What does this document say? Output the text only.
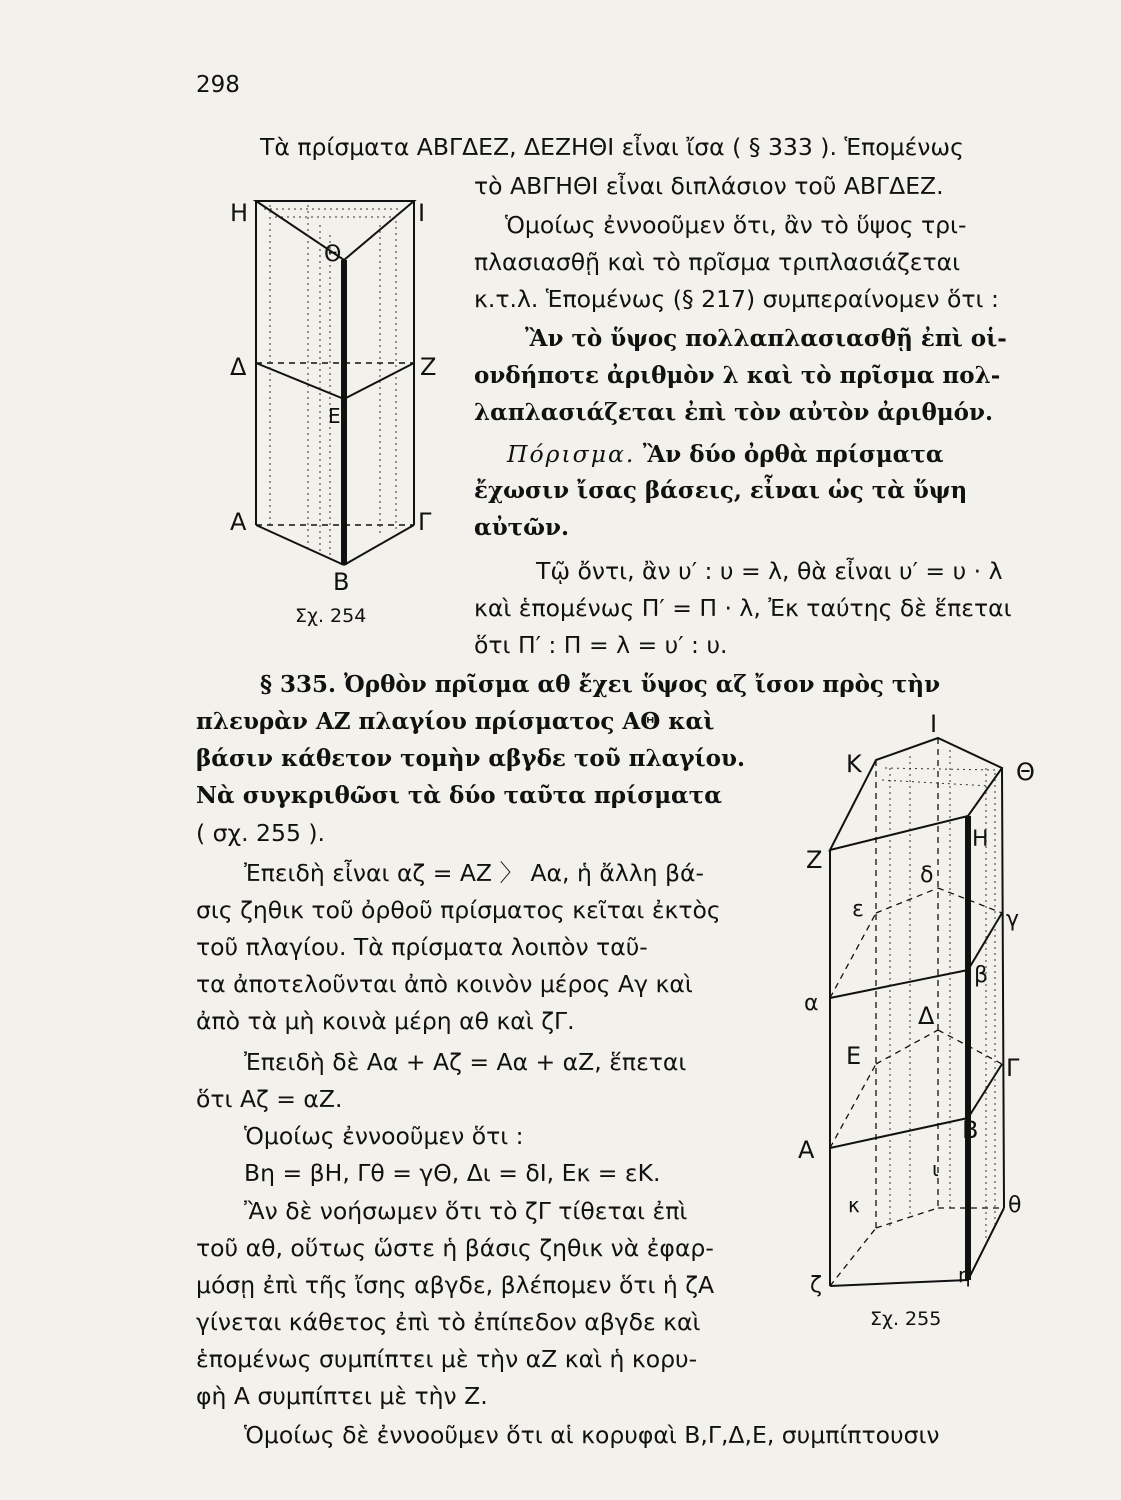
298
Τὰ πρίσματα ΑΒΓΔΕΖ, ΔΕΖΗΘΙ εἶναι ἴσα ( § 333 ). Ἑπομένως
τὸ ΑΒΓΗΘΙ εἶναι διπλάσιον τοῦ ΑΒΓΔΕΖ.
Ὁμοίως ἐννοοῦμεν ὅτι, ἂν τὸ ὕψος τρι-
πλασιασθῇ καὶ τὸ πρῖσμα τριπλασιάζεται
κ.τ.λ. Ἑπομένως (§ 217) συμπεραίνομεν ὅτι :
Ἂν τὸ ὕψος πολλαπλασιασθῇ ἐπὶ οἱ-
ονδήποτε ἀριθμὸν λ καὶ τὸ πρῖσμα πολ-
λαπλασιάζεται ἐπὶ τὸν αὐτὸν ἀριθμόν.
Πόρισμα. Ἂν δύο ὀρθὰ πρίσματα
ἔχωσιν ἴσας βάσεις, εἶναι ὡς τὰ ὕψη
αὐτῶν.
Τῷ ὄντι, ἂν υ′ : υ = λ, θὰ εἶναι υ′ = υ · λ
καὶ ἑπομένως Π′ = Π · λ, Ἐκ ταύτης δὲ ἕπεται
ὅτι Π′ : Π = λ = υ′ : υ.
§ 335. Ὀρθὸν πρῖσμα αθ ἔχει ὕψος αζ ἴσον πρὸς τὴν
πλευρὰν ΑΖ πλαγίου πρίσματος ΑΘ καὶ
βάσιν κάθετον τομὴν αβγδε τοῦ πλαγίου.
Νὰ συγκριθῶσι τὰ δύο ταῦτα πρίσματα
( σχ. 255 ).
Ἐπειδὴ εἶναι αζ = ΑΖ 〉 Αα, ἡ ἄλλη βά-
σις ζηθικ τοῦ ὀρθοῦ πρίσματος κεῖται ἐκτὸς
τοῦ πλαγίου. Τὰ πρίσματα λοιπὸν ταῦ-
τα ἀποτελοῦνται ἀπὸ κοινὸν μέρος Αγ καὶ
ἀπὸ τὰ μὴ κοινὰ μέρη αθ καὶ ζΓ.
Ἐπειδὴ δὲ Αα + Αζ = Αα + αΖ, ἕπεται
ὅτι Αζ = αΖ.
Ὁμοίως ἐννοοῦμεν ὅτι :
Βη = βΗ, Γθ = γΘ, Δι = δΙ, Εκ = εΚ.
Ἂν δὲ νοήσωμεν ὅτι τὸ ζΓ τίθεται ἐπὶ
τοῦ αθ, οὕτως ὥστε ἡ βάσις ζηθικ νὰ ἐφαρ-
μόσῃ ἐπὶ τῆς ἴσης αβγδε, βλέπομεν ὅτι ἡ ζΑ
γίνεται κάθετος ἐπὶ τὸ ἐπίπεδον αβγδε καὶ
ἑπομένως συμπίπτει μὲ τὴν αΖ καὶ ἡ κορυ-
φὴ Α συμπίπτει μὲ τὴν Ζ.
Ὁμοίως δὲ ἐννοοῦμεν ὅτι αἱ κορυφαὶ Β,Γ,Δ,Ε, συμπίπτουσιν
Η	Ι
Θ
Δ	Ζ
Ε
Α	Γ
Β
Σχ. 254
Ι
Κ	Θ
Η
Ζ
δ
ε	γ
β
α	Δ
Ε	Γ
Α
Β
ι
κ	θ
η
ζ
Σχ. 255
